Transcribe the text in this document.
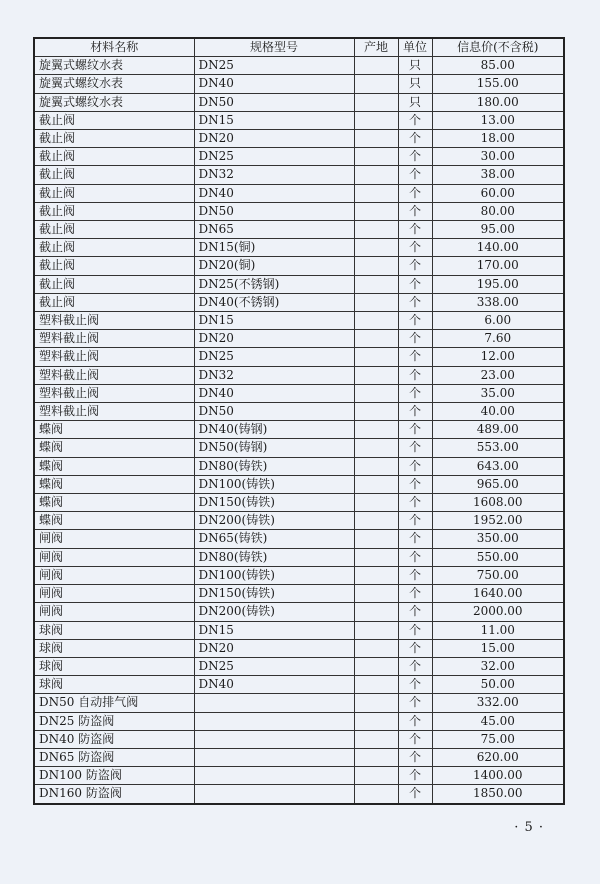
材料名称	规格型号	产地	单位	信息价(不含税)
旋翼式螺纹水表	DN25		只	85.00
旋翼式螺纹水表	DN40		只	155.00
旋翼式螺纹水表	DN50		只	180.00
截止阀	DN15		个	13.00
截止阀	DN20		个	18.00
截止阀	DN25		个	30.00
截止阀	DN32		个	38.00
截止阀	DN40		个	60.00
截止阀	DN50		个	80.00
截止阀	DN65		个	95.00
截止阀	DN15(铜)		个	140.00
截止阀	DN20(铜)		个	170.00
截止阀	DN25(不锈钢)		个	195.00
截止阀	DN40(不锈钢)		个	338.00
塑料截止阀	DN15		个	6.00
塑料截止阀	DN20		个	7.60
塑料截止阀	DN25		个	12.00
塑料截止阀	DN32		个	23.00
塑料截止阀	DN40		个	35.00
塑料截止阀	DN50		个	40.00
蝶阀	DN40(铸钢)		个	489.00
蝶阀	DN50(铸钢)		个	553.00
蝶阀	DN80(铸铁)		个	643.00
蝶阀	DN100(铸铁)		个	965.00
蝶阀	DN150(铸铁)		个	1608.00
蝶阀	DN200(铸铁)		个	1952.00
闸阀	DN65(铸铁)		个	350.00
闸阀	DN80(铸铁)		个	550.00
闸阀	DN100(铸铁)		个	750.00
闸阀	DN150(铸铁)		个	1640.00
闸阀	DN200(铸铁)		个	2000.00
球阀	DN15		个	11.00
球阀	DN20		个	15.00
球阀	DN25		个	32.00
球阀	DN40		个	50.00
DN50 自动排气阀			个	332.00
DN25 防盗阀			个	45.00
DN40 防盗阀			个	75.00
DN65 防盗阀			个	620.00
DN100 防盗阀			个	1400.00
DN160 防盗阀			个	1850.00
· 5 ·
